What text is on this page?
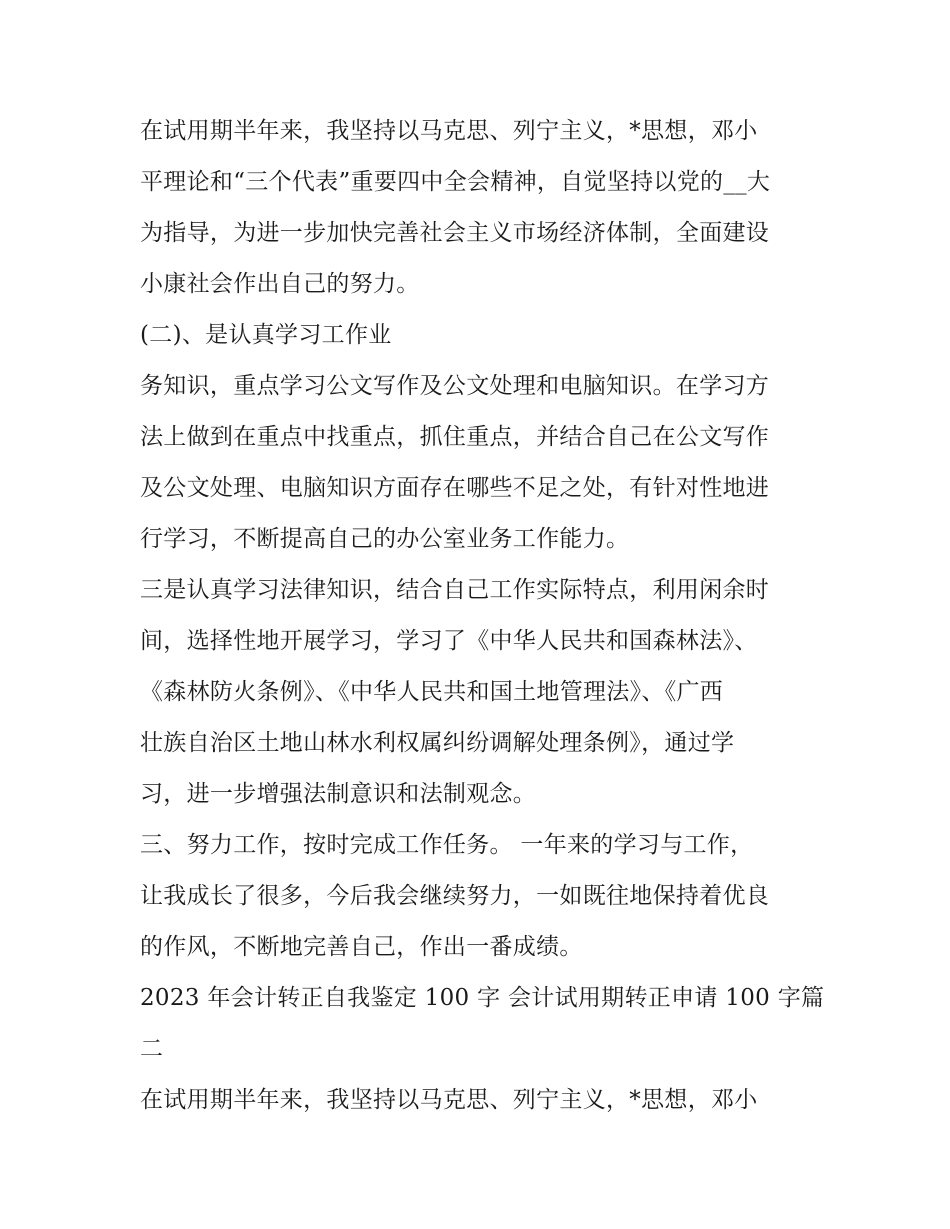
在试用期半年来，我坚持以马克思、列宁主义，*思想，邓小
平理论和“三个代表”重要四中全会精神，自觉坚持以党的__大
为指导，为进一步加快完善社会主义市场经济体制，全面建设
小康社会作出自己的努力。
(二)、是认真学习工作业
务知识，重点学习公文写作及公文处理和电脑知识。在学习方
法上做到在重点中找重点，抓住重点，并结合自己在公文写作
及公文处理、电脑知识方面存在哪些不足之处，有针对性地进
行学习，不断提高自己的办公室业务工作能力。
三是认真学习法律知识，结合自己工作实际特点，利用闲余时
间，选择性地开展学习，学习了《中华人民共和国森林法》、
《森林防火条例》、《中华人民共和国土地管理法》、《广西
壮族自治区土地山林水利权属纠纷调解处理条例》，通过学
习，进一步增强法制意识和法制观念。
三、努力工作，按时完成工作任务。 一年来的学习与工作，
让我成长了很多，今后我会继续努力，一如既往地保持着优良
的作风，不断地完善自己，作出一番成绩。
2023 年会计转正自我鉴定 100 字 会计试用期转正申请 100 字篇
二
在试用期半年来，我坚持以马克思、列宁主义，*思想，邓小
